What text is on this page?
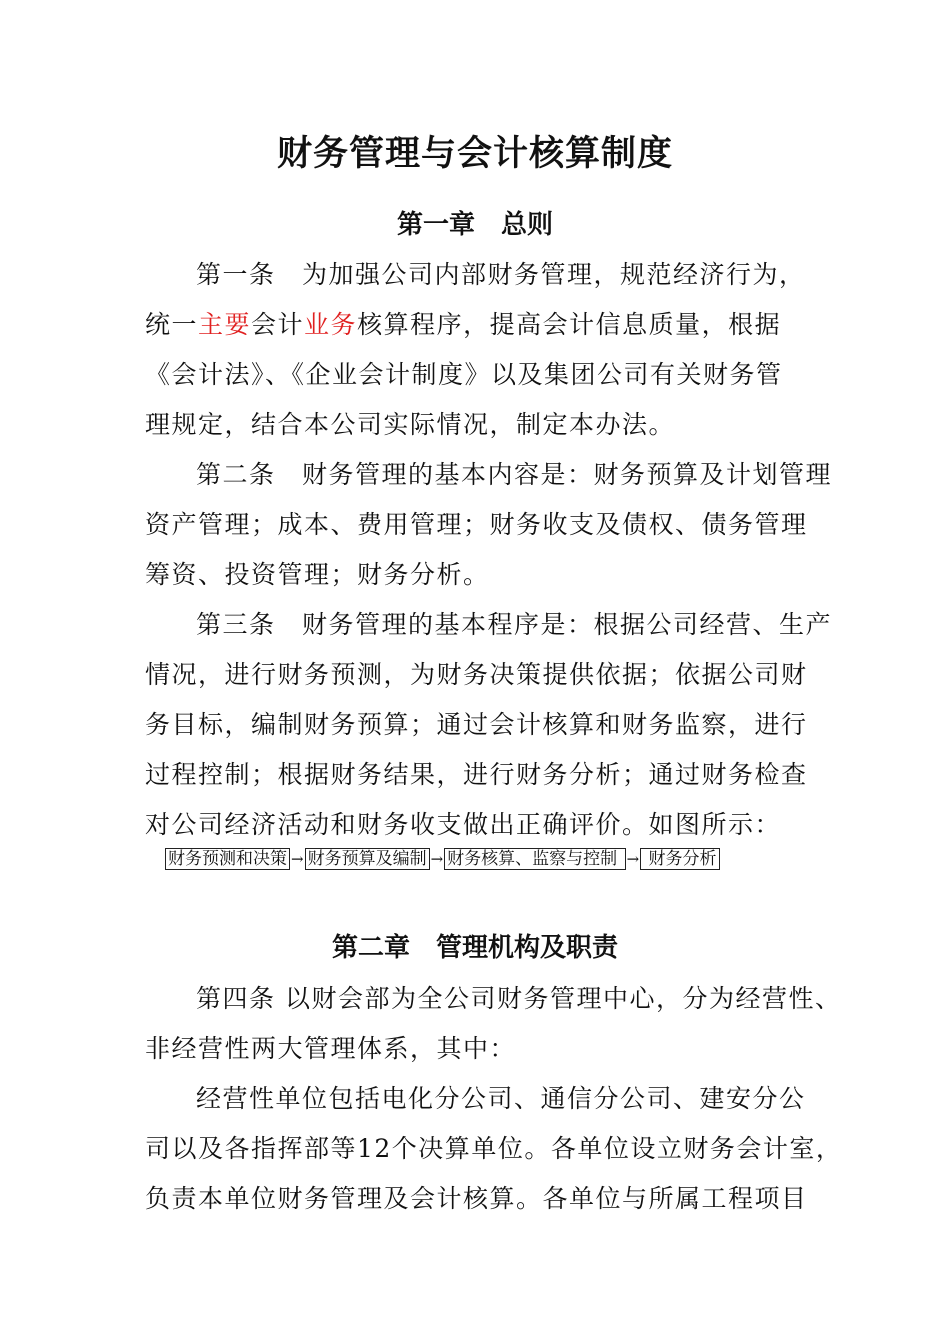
财务管理与会计核算制度
第一章　总则
第一条　为加强公司内部财务管理，规范经济行为，
统一主要会计业务核算程序，提高会计信息质量，根据
《会计法》、《企业会计制度》以及集团公司有关财务管
理规定，结合本公司实际情况，制定本办法。
第二条　财务管理的基本内容是：财务预算及计划管理
资产管理；成本、费用管理；财务收支及债权、债务管理
筹资、投资管理；财务分析。
第三条　财务管理的基本程序是：根据公司经营、生产
情况，进行财务预测，为财务决策提供依据；依据公司财
务目标，编制财务预算；通过会计核算和财务监察，进行
过程控制；根据财务结果，进行财务分析；通过财务检查
对公司经济活动和财务收支做出正确评价。如图所示：
财务预测和决策 → 财务预算及编制 → 财务核算、监察与控制 → 财务分析
第二章　管理机构及职责
第四条 以财会部为全公司财务管理中心，分为经营性、
非经营性两大管理体系，其中：
经营性单位包括电化分公司、通信分公司、建安分公
司以及各指挥部等12个决算单位。各单位设立财务会计室，
负责本单位财务管理及会计核算。各单位与所属工程项目
